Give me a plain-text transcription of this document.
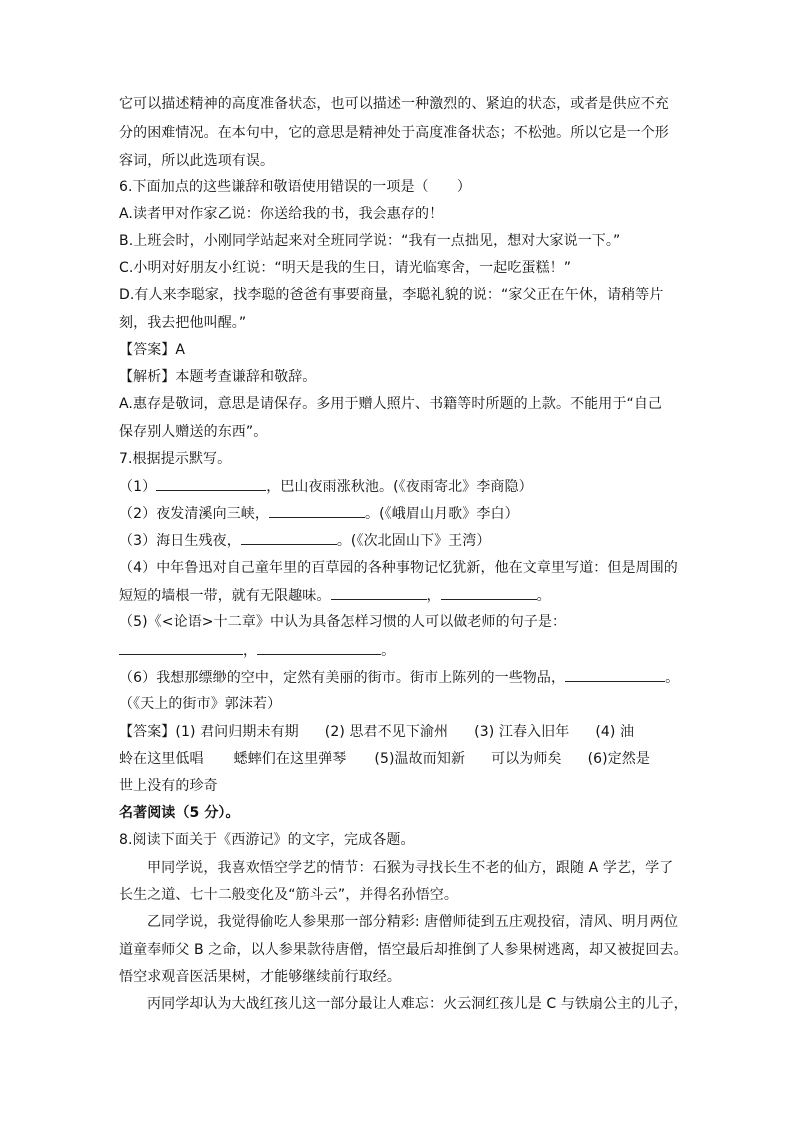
它可以描述精神的高度准备状态，也可以描述一种激烈的、紧迫的状态，或者是供应不充
分的困难情况。在本句中，它的意思是精神处于高度准备状态；不松弛。所以它是一个形
容词，所以此选项有误。
6.下面加点的这些谦辞和敬语使用错误的一项是（　　）
A.读者甲对作家乙说：你送给我的书，我会惠存的！
B.上班会时，小刚同学站起来对全班同学说：“我有一点拙见，想对大家说一下。”
C.小明对好朋友小红说：“明天是我的生日，请光临寒舍，一起吃蛋糕！”
D.有人来李聪家，找李聪的爸爸有事要商量，李聪礼貌的说：“家父正在午休，请稍等片
刻，我去把他叫醒。”
【答案】A
【解析】本题考查谦辞和敬辞。
A.惠存是敬词，意思是请保存。多用于赠人照片、书籍等时所题的上款。不能用于“自己
保存别人赠送的东西”。
7.根据提示默写。
（1）	，巴山夜雨涨秋池。(《夜雨寄北》李商隐）
（2）夜发清溪向三峡，	。(《峨眉山月歌》李白）
（3）海日生残夜，	。(《次北固山下》王湾）
（4）中年鲁迅对自己童年里的百草园的各种事物记忆犹新，他在文章里写道：但是周围的
短短的墙根一带，就有无限趣味。	，	。
（5)《<论语>十二章》中认为具备怎样习惯的人可以做老师的句子是：
，	。
（6）我想那缥缈的空中，定然有美丽的街市。街市上陈列的一些物品，	。
（《天上的街市》郭沫若）
【答案】(1) 君问归期未有期 (2) 思君不见下渝州 (3) 江春入旧年 (4) 油
蛉在这里低唱 蟋蟀们在这里弹琴 (5)温故而知新 可以为师矣 (6)定然是
世上没有的珍奇
名著阅读（5 分）。
8.阅读下面关于《西游记》的文字，完成各题。
甲同学说，我喜欢悟空学艺的情节：石猴为寻找长生不老的仙方，跟随 A 学艺，学了
长生之道、七十二般变化及“筋斗云”，并得名孙悟空。
乙同学说，我觉得偷吃人参果那一部分精彩: 唐僧师徒到五庄观投宿，清风、明月两位
道童奉师父 B 之命，以人参果款待唐僧，悟空最后却推倒了人参果树逃离，却又被捉回去。
悟空求观音医活果树，才能够继续前行取经。
丙同学却认为大战红孩儿这一部分最让人难忘：火云洞红孩儿是 C 与铁扇公主的儿子，
